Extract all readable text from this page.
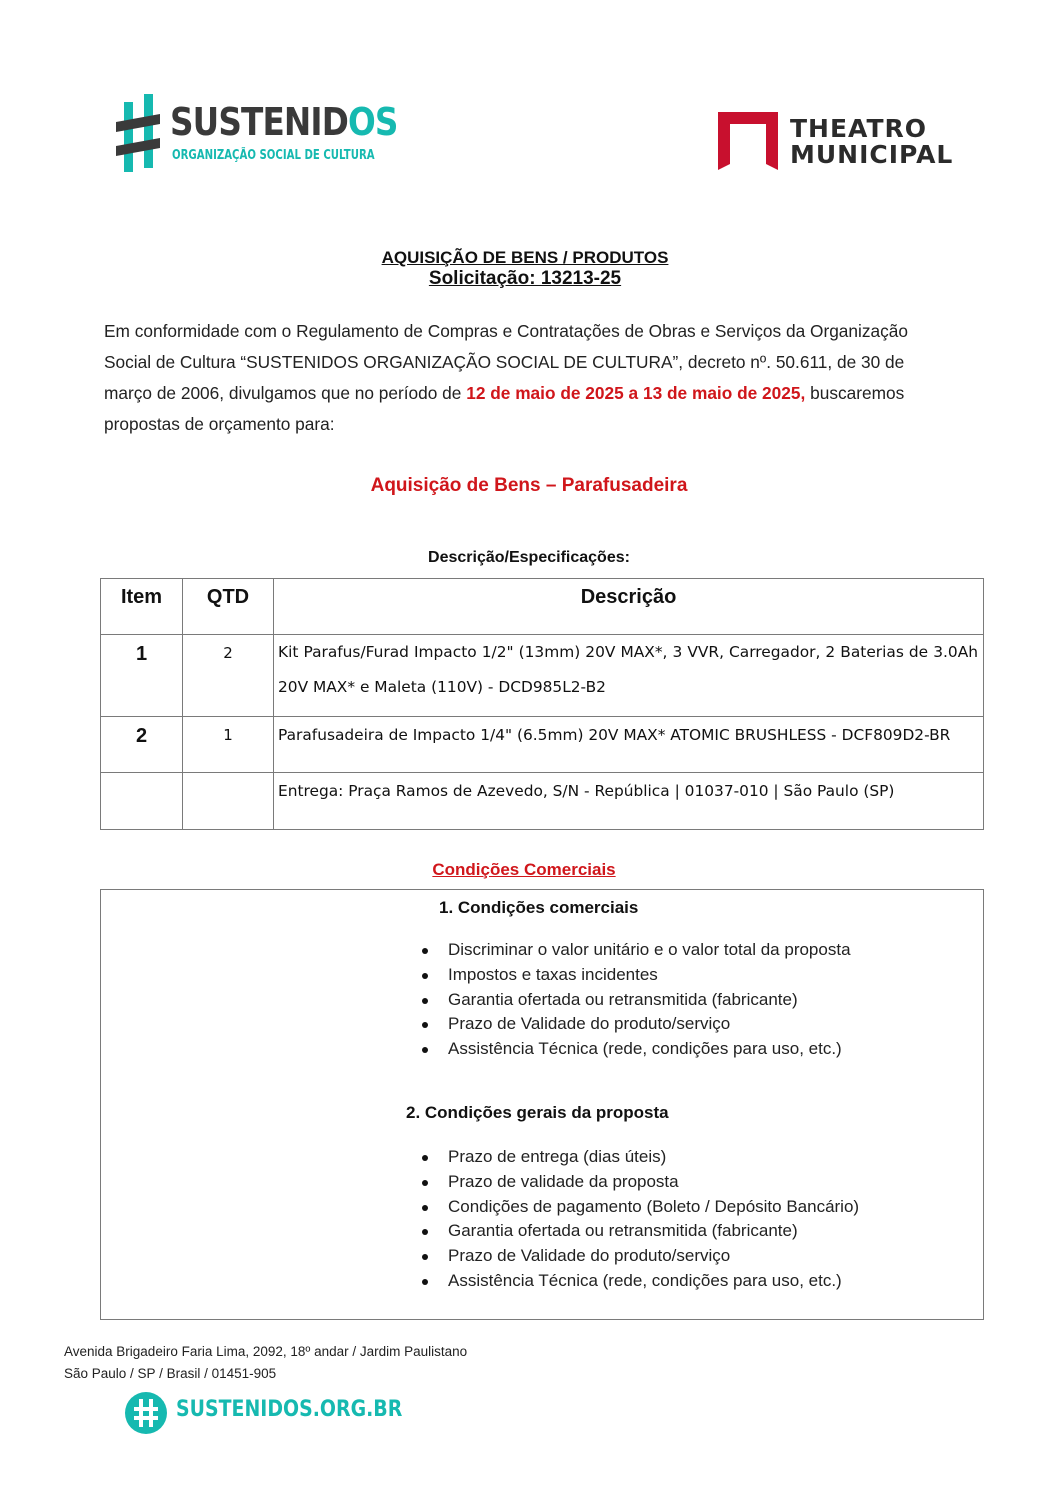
SUSTENIDOS
ORGANIZAÇÃO SOCIAL DE CULTURA
THEATRO
MUNICIPAL
AQUISIÇÃO DE BENS / PRODUTOS
Solicitação: 13213-25

Em conformidade com o Regulamento de Compras e Contratações de Obras e Serviços da Organização Social de Cultura “SUSTENIDOS ORGANIZAÇÃO SOCIAL DE CULTURA”, decreto nº. 50.611, de 30 de março de 2006, divulgamos que no período de 12 de maio de 2025 a 13 de maio de 2025, buscaremos propostas de orçamento para:

Aquisição de Bens – Parafusadeira
Descrição/Especificações:
Item	QTD	Descrição
1	2	Kit Parafus/Furad Impacto 1/2" (13mm) 20V MAX*, 3 VVR, Carregador, 2 Baterias de 3.0Ah 20V MAX* e Maleta (110V) - DCD985L2-B2
2	1	Parafusadeira de Impacto 1/4" (6.5mm) 20V MAX* ATOMIC BRUSHLESS - DCF809D2-BR
		Entrega: Praça Ramos de Azevedo, S/N - República | 01037-010 | São Paulo (SP)
Condições Comerciais
1. Condições comerciais
Discriminar o valor unitário e o valor total da proposta
Impostos e taxas incidentes
Garantia ofertada ou retransmitida (fabricante)
Prazo de Validade do produto/serviço
Assistência Técnica (rede, condições para uso, etc.)
2. Condições gerais da proposta
Prazo de entrega (dias úteis)
Prazo de validade da proposta
Condições de pagamento (Boleto / Depósito Bancário)
Garantia ofertada ou retransmitida (fabricante)
Prazo de Validade do produto/serviço
Assistência Técnica (rede, condições para uso, etc.)
Avenida Brigadeiro Faria Lima, 2092, 18º andar / Jardim Paulistano
São Paulo / SP / Brasil / 01451-905
SUSTENIDOS.ORG.BR
